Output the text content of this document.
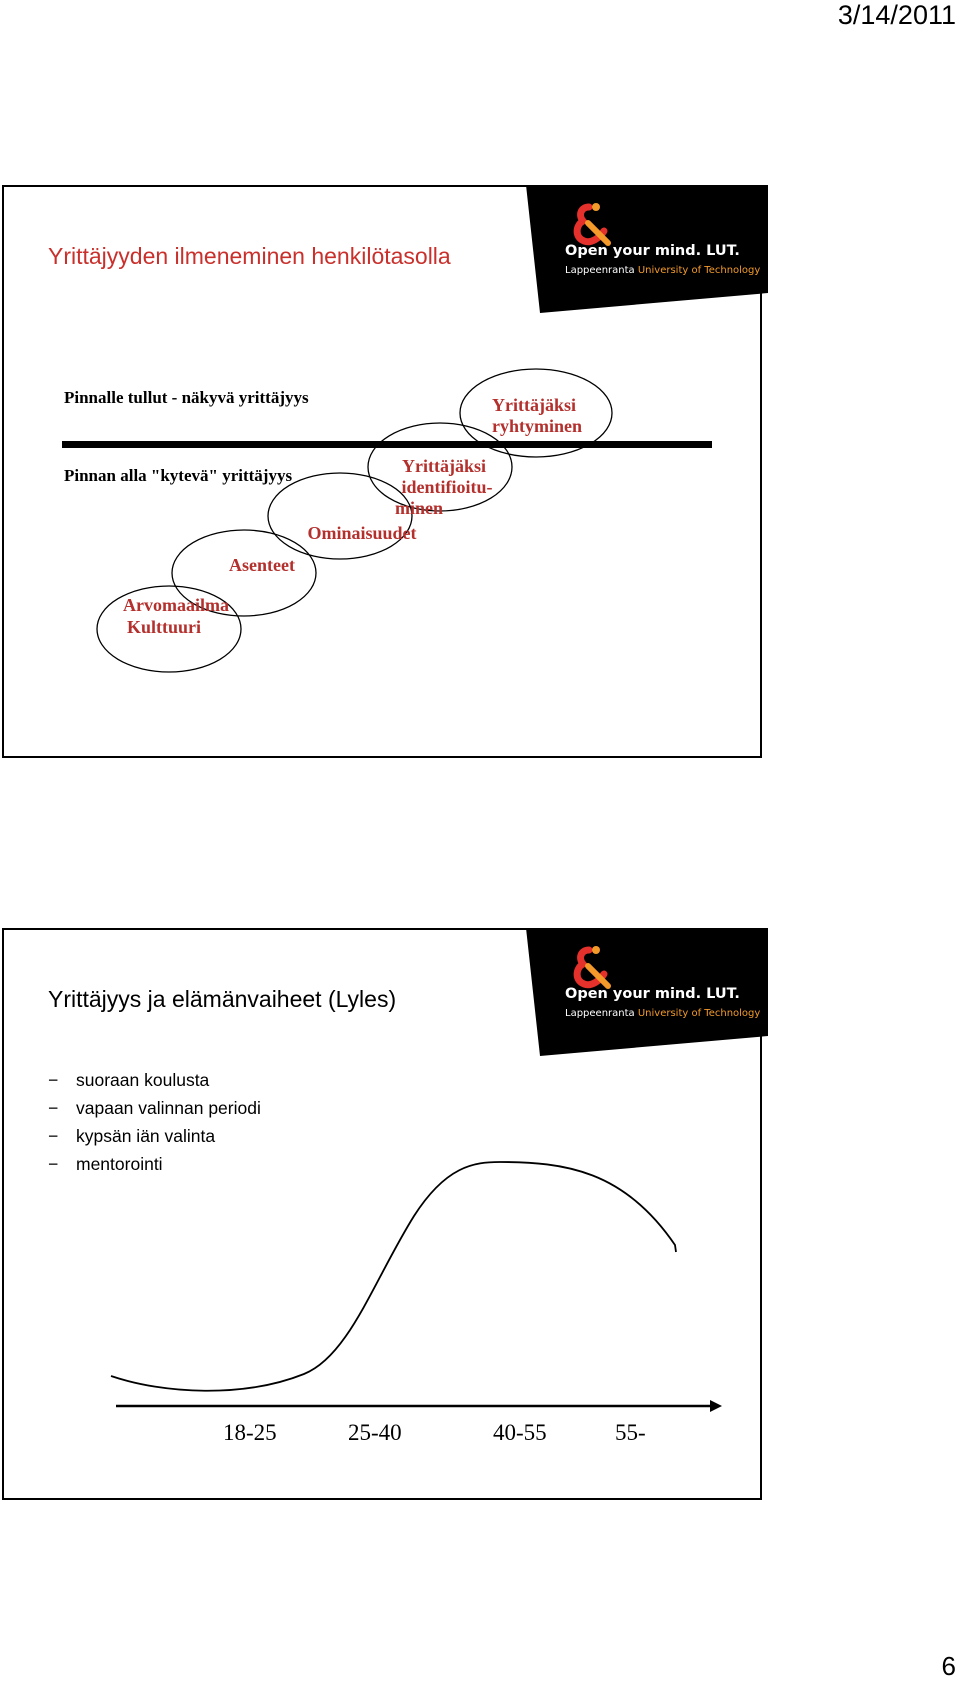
3/14/2011
Open your mind. LUT.
Lappeenranta University of Technology
Yrittäjyyden ilmeneminen henkilötasolla
Pinnalle tullut - näkyvä yrittäjyys
Pinnan alla "kytevä" yrittäjyys
Arvomaailma
Kulttuuri
Asenteet
Ominaisuudet
Yrittäjäksi
identifioitu-
minen
Yrittäjäksi
ryhtyminen
Open your mind. LUT.
Lappeenranta University of Technology
Yrittäjyys ja elämänvaiheet (Lyles)
− suoraan koulusta
− vapaan valinnan periodi
− kypsän iän valinta
− mentorointi
18-25	25-40	40-55	55-
6
